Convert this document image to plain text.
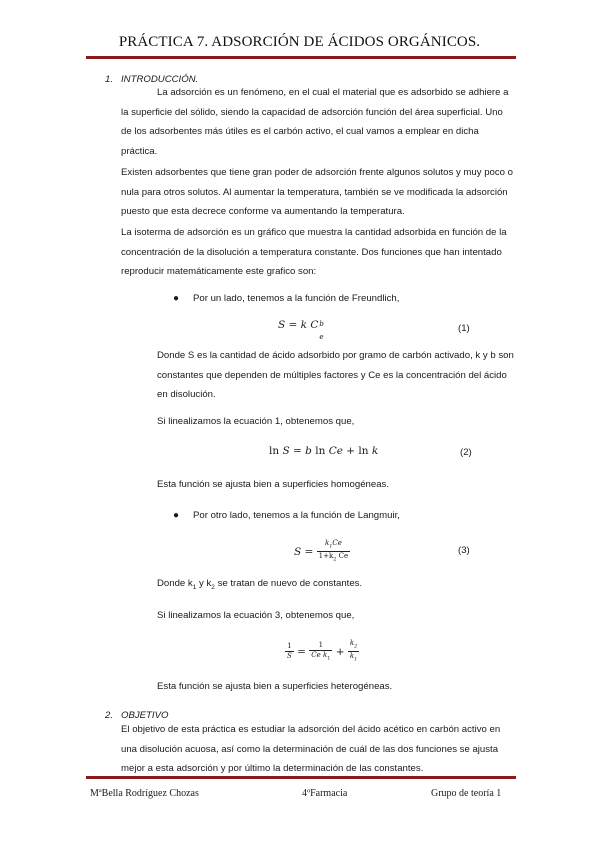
PRÁCTICA 7. ADSORCIÓN DE ÁCIDOS ORGÁNICOS.
1. INTRODUCCIÓN.
La adsorción es un fenómeno, en el cual el material que es adsorbido se adhiere a la superficie del sólido, siendo la capacidad de adsorción función del área superficial. Uno de los adsorbentes más útiles es el carbón activo, el cual vamos a emplear en dicha práctica.
Existen adsorbentes que tiene gran poder de adsorción frente algunos solutos y muy poco o nula para otros solutos. Al aumentar la temperatura, también se ve modificada la adsorción puesto que esta decrece conforme va aumentando la temperatura.
La isoterma de adsorción es un gráfico que muestra la cantidad adsorbida en función de la concentración de la disolución a temperatura constante. Dos funciones que han intentado reproducir matemáticamente este grafico son:
● Por un lado, tenemos a la función de Freundlich,
S = k C b
e
(1)
Donde S es la cantidad de ácido adsorbido por gramo de carbón activado, k y b son constantes que dependen de múltiples factores y Ce es la concentración del ácido en disolución.
Si linealizamos la ecuación 1, obtenemos que,
ln S = b ln Ce + ln k	(2)
Esta función se ajusta bien a superficies homogéneas.
● Por otro lado, tenemos a la función de Langmuir,
$S = \frac{k_1Ce}{1+k_2 Ce}$	(3)
Donde $k_1$ y $k_2$ se tratan de nuevo de constantes.
Si linealizamos la ecuación 3, obtenemos que,
$\frac{1}{S} = \frac{1}{Ce k_1} + \frac{k_2}{k_1}$
Esta función se ajusta bien a superficies heterogéneas.
2. OBJETIVO
El objetivo de esta práctica es estudiar la adsorción del ácido acético en carbón activo en una disolución acuosa, así como la determinación de cuál de las dos funciones se ajusta mejor a esta adsorción y por último la determinación de las constantes.
MªBella Rodríguez Chozas	4ºFarmacia	Grupo de teoría 1
